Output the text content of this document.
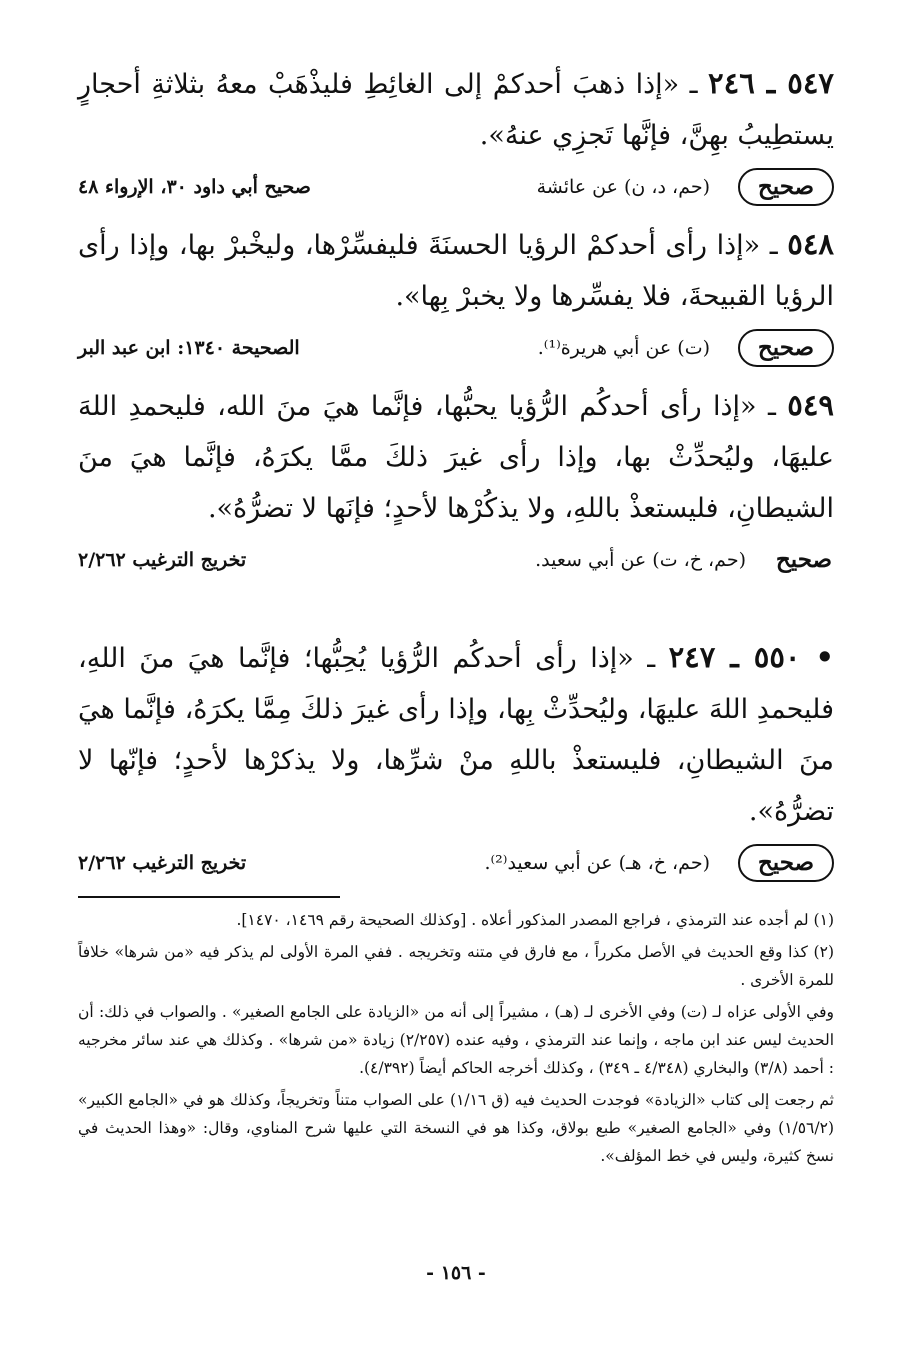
٥٤٧ ـ ٢٤٦ ـ «إذا ذهبَ أحدكمْ إلى الغائِطِ فليذْهَبْ معهُ بثلاثةِ أحجارٍ يستطِيبُ بهِنَّ، فإنَّها تَجزِي عنهُ».

صحيح
(حم، د، ن) عن عائشة
صحيح أبي داود ٣٠، الإرواء ٤٨

٥٤٨ ـ «إذا رأى أحدكمْ الرؤيا الحسنَةَ فليفسِّرْها، وليخْبرْ بها، وإذا رأى الرؤيا القبيحةَ، فلا يفسِّرها ولا يخبرْ بِها».

صحيح
(ت) عن أبي هريرة⁽¹⁾.
الصحيحة ١٣٤٠: ابن عبد البر

٥٤٩ ـ «إذا رأى أحدكُم الرُّؤيا يحبُّها، فإنَّما هيَ منَ الله، فليحمدِ اللهَ عليهَا، وليُحدِّثْ بها، وإذا رأى غيرَ ذلكَ ممَّا يكرَهُ، فإنَّما هيَ منَ الشيطانِ، فليستعذْ باللهِ، ولا يذكُرْها لأحدٍ؛ فإنَها لا تضرُّهُ».

صحيح
(حم، خ، ت) عن أبي سعيد.
تخريج الترغيب ٢/٢٦٢

• ٥٥٠ ـ ٢٤٧ ـ «إذا رأى أحدكُم الرُّؤيا يُحِبُّها؛ فإنَّما هيَ منَ اللهِ، فليحمدِ اللهَ عليهَا، وليُحدِّثْ بِها، وإذا رأى غيرَ ذلكَ مِمَّا يكرَهُ، فإنَّما هيَ منَ الشيطانِ، فليستعذْ باللهِ منْ شرِّها، ولا يذكرْها لأحدٍ؛ فإنّها لا تضرُّهُ».

صحيح
(حم، خ، هـ) عن أبي سعيد⁽²⁾.
تخريج الترغيب ٢/٢٦٢

(١) لم أجده عند الترمذي ، فراجع المصدر المذكور أعلاه . [وكذلك الصحيحة رقم ١٤٦٩، ١٤٧٠].

(٢) كذا وقع الحديث في الأصل مكرراً ، مع فارق في متنه وتخريجه . ففي المرة الأولى لم يذكر فيه «من شرها» خلافاً للمرة الأخرى .

وفي الأولى عزاه لـ (ت) وفي الأخرى لـ (هـ) ، مشيراً إلى أنه من «الزيادة على الجامع الصغير» . والصواب في ذلك: أن الحديث ليس عند ابن ماجه ، وإنما عند الترمذي ، وفيه عنده (٢/٢٥٧) زيادة «من شرها» . وكذلك هي عند سائر مخرجيه : أحمد (٣/٨) والبخاري (٤/٣٤٨ ـ ٣٤٩) ، وكذلك أخرجه الحاكم أيضاً (٤/٣٩٢).

ثم رجعت إلى كتاب «الزيادة» فوجدت الحديث فيه (ق ١/١٦) على الصواب متناً وتخريجاً، وكذلك هو في «الجامع الكبير» (١/٥٦/٢) وفي «الجامع الصغير» طبع بولاق، وكذا هو في النسخة التي عليها شرح المناوي، وقال: «وهذا الحديث في نسخ كثيرة، وليس في خط المؤلف».

- ١٥٦ -
